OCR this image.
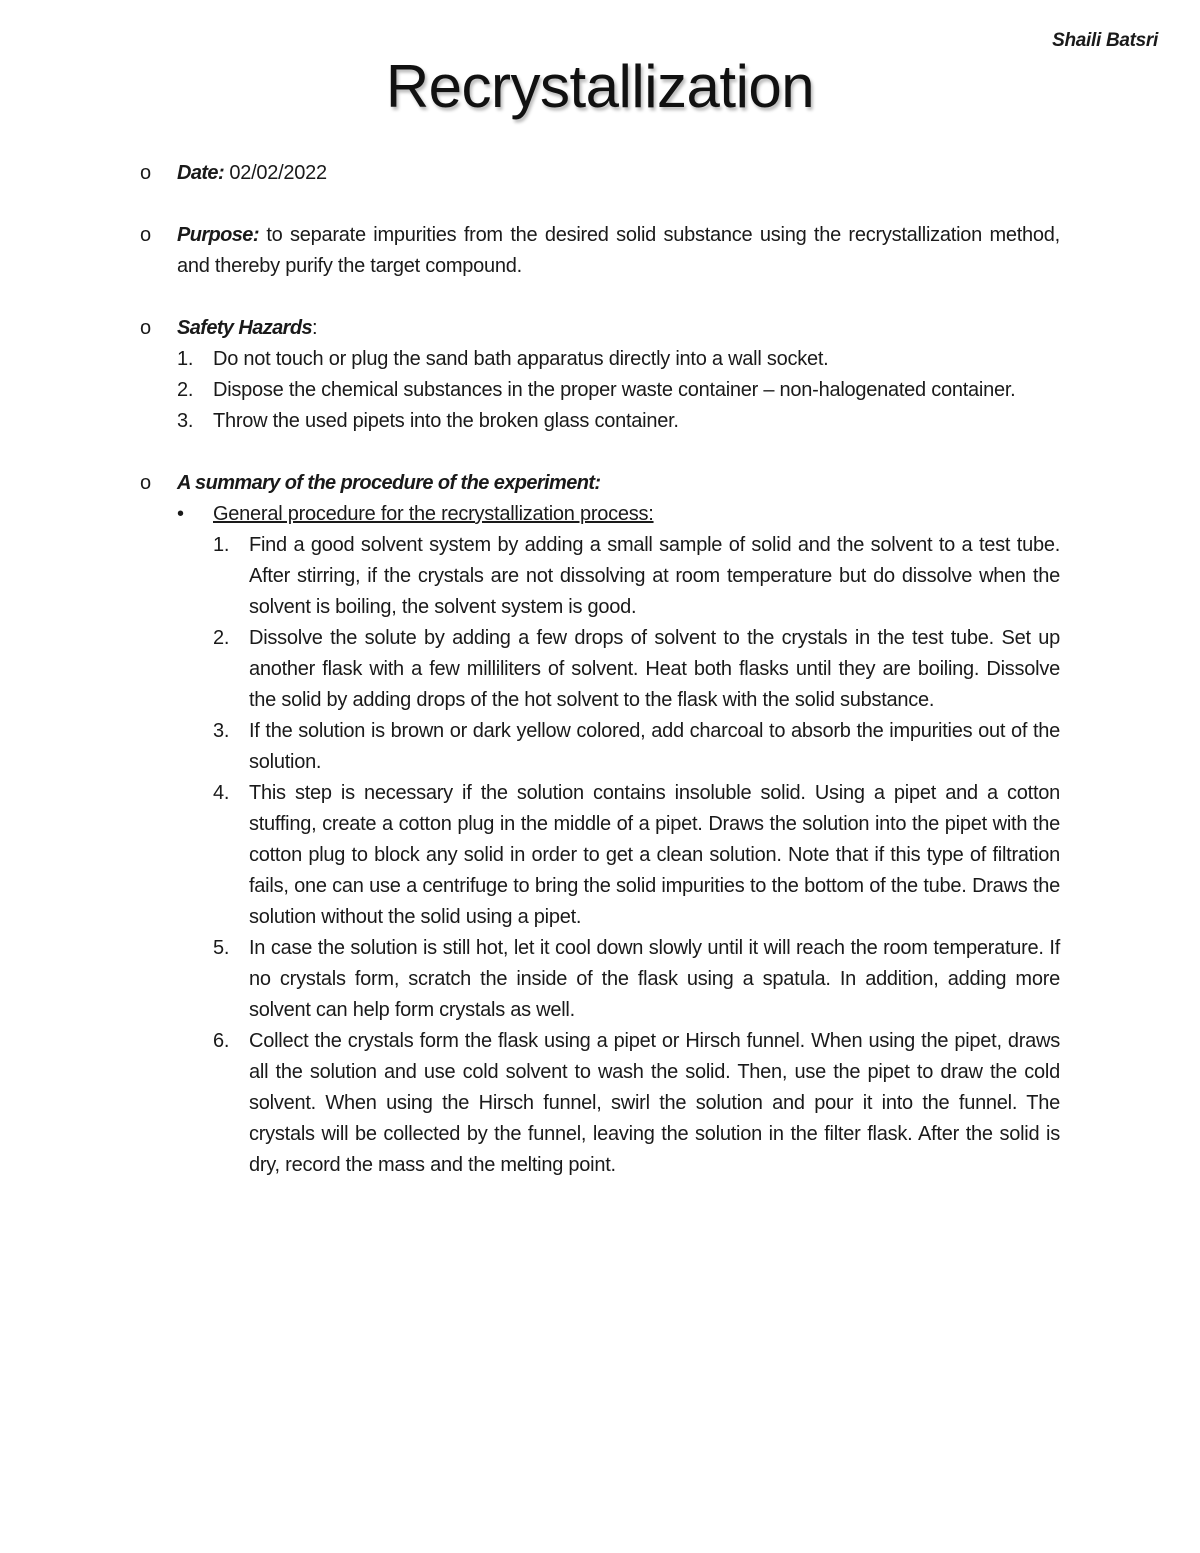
Shaili Batsri
Recrystallization
o	Date: 02/02/2022
o	Purpose: to separate impurities from the desired solid substance using the recrystallization method, and thereby purify the target compound.
o	Safety Hazards:
1. Do not touch or plug the sand bath apparatus directly into a wall socket.
2. Dispose the chemical substances in the proper waste container – non-halogenated container.
3. Throw the used pipets into the broken glass container.
o	A summary of the procedure of the experiment:
• General procedure for the recrystallization process:
1. Find a good solvent system by adding a small sample of solid and the solvent to a test tube. After stirring, if the crystals are not dissolving at room temperature but do dissolve when the solvent is boiling, the solvent system is good.
2. Dissolve the solute by adding a few drops of solvent to the crystals in the test tube. Set up another flask with a few milliliters of solvent. Heat both flasks until they are boiling. Dissolve the solid by adding drops of the hot solvent to the flask with the solid substance.
3. If the solution is brown or dark yellow colored, add charcoal to absorb the impurities out of the solution.
4. This step is necessary if the solution contains insoluble solid. Using a pipet and a cotton stuffing, create a cotton plug in the middle of a pipet. Draws the solution into the pipet with the cotton plug to block any solid in order to get a clean solution. Note that if this type of filtration fails, one can use a centrifuge to bring the solid impurities to the bottom of the tube. Draws the solution without the solid using a pipet.
5. In case the solution is still hot, let it cool down slowly until it will reach the room temperature. If no crystals form, scratch the inside of the flask using a spatula. In addition, adding more solvent can help form crystals as well.
6. Collect the crystals form the flask using a pipet or Hirsch funnel. When using the pipet, draws all the solution and use cold solvent to wash the solid. Then, use the pipet to draw the cold solvent. When using the Hirsch funnel, swirl the solution and pour it into the funnel. The crystals will be collected by the funnel, leaving the solution in the filter flask. After the solid is dry, record the mass and the melting point.
